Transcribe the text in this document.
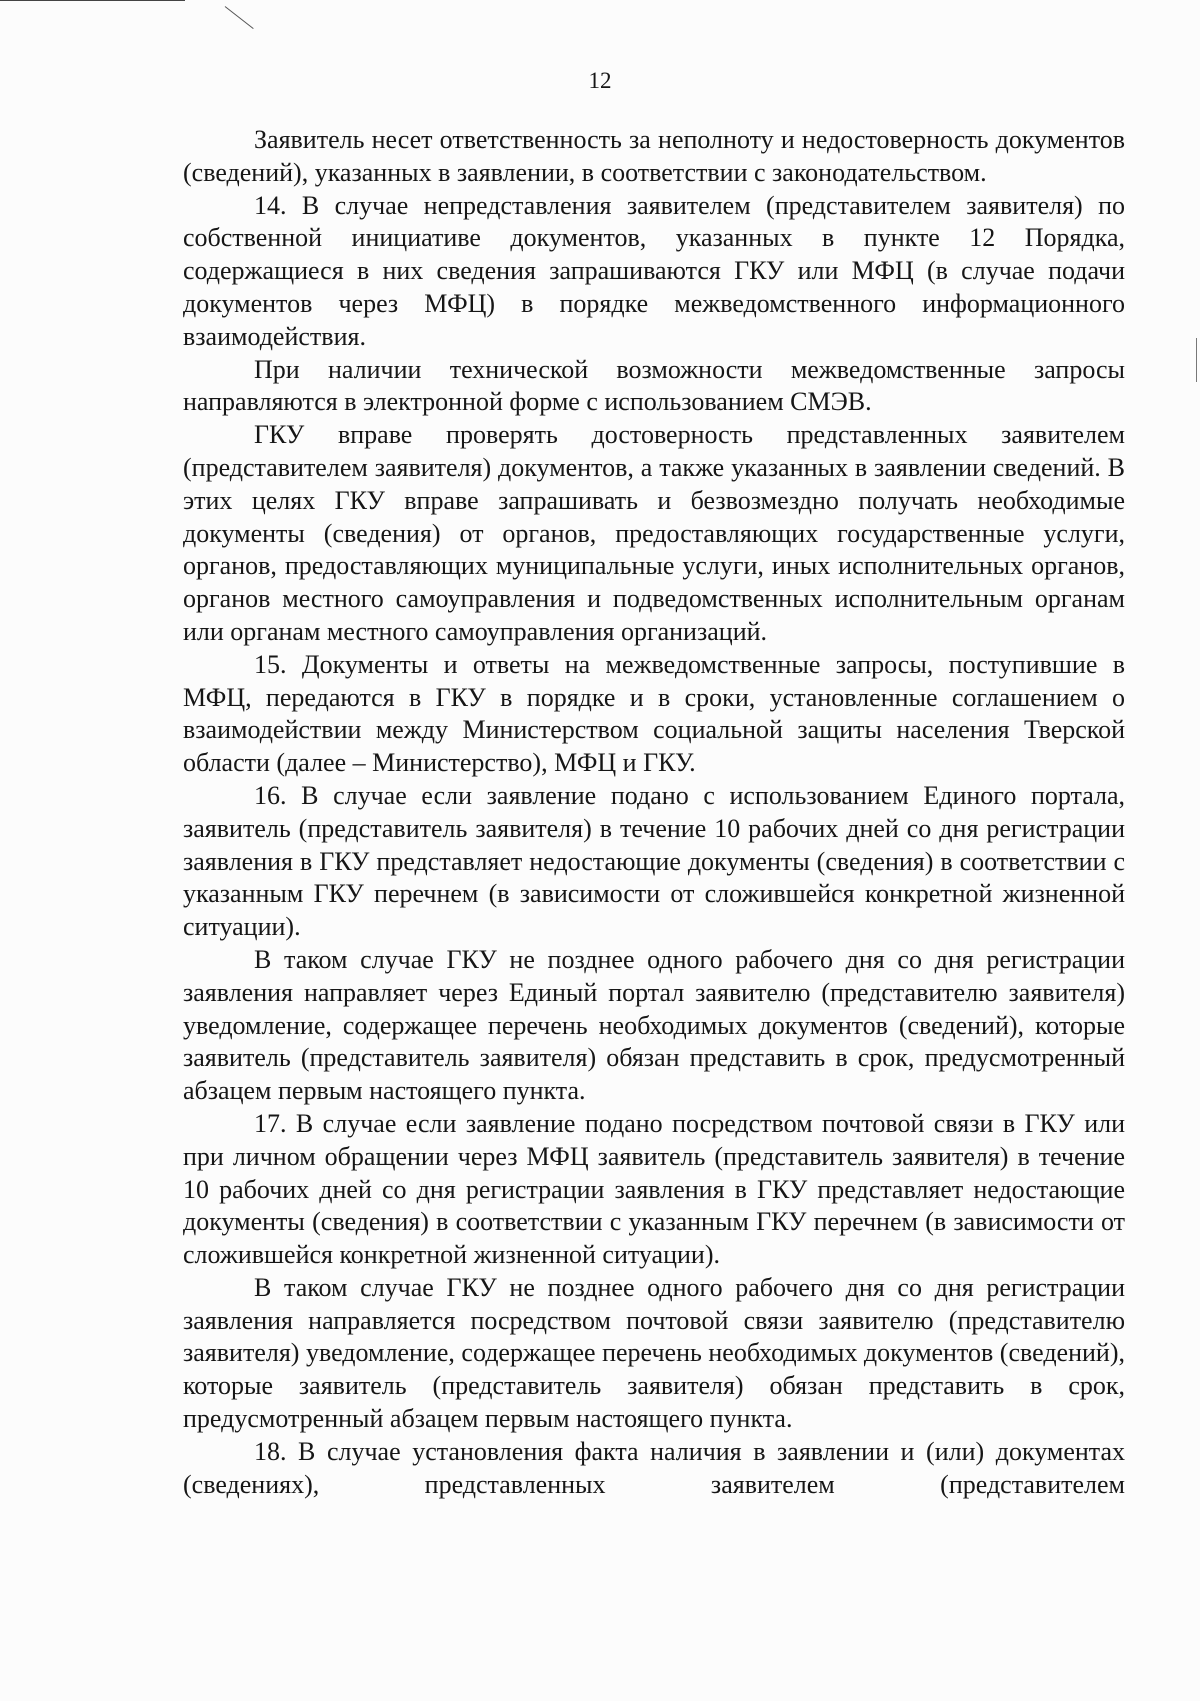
12

Заявитель несет ответственность за неполноту и недостоверность документов (сведений), указанных в заявлении, в соответствии с законодательством.

14. В случае непредставления заявителем (представителем заявителя) по собственной инициативе документов, указанных в пункте 12 Порядка, содержащиеся в них сведения запрашиваются ГКУ или МФЦ (в случае подачи документов через МФЦ) в порядке межведомственного информационного взаимодействия.

При наличии технической возможности межведомственные запросы направляются в электронной форме с использованием СМЭВ.

ГКУ вправе проверять достоверность представленных заявителем (представителем заявителя) документов, а также указанных в заявлении сведений. В этих целях ГКУ вправе запрашивать и безвозмездно получать необходимые документы (сведения) от органов, предоставляющих государственные услуги, органов, предоставляющих муниципальные услуги, иных исполнительных органов, органов местного самоуправления и подведомственных исполнительным органам или органам местного самоуправления организаций.

15. Документы и ответы на межведомственные запросы, поступившие в МФЦ, передаются в ГКУ в порядке и в сроки, установленные соглашением о взаимодействии между Министерством социальной защиты населения Тверской области (далее – Министерство), МФЦ и ГКУ.

16. В случае если заявление подано с использованием Единого портала, заявитель (представитель заявителя) в течение 10 рабочих дней со дня регистрации заявления в ГКУ представляет недостающие документы (сведения) в соответствии с указанным ГКУ перечнем (в зависимости от сложившейся конкретной жизненной ситуации).

В таком случае ГКУ не позднее одного рабочего дня со дня регистрации заявления направляет через Единый портал заявителю (представителю заявителя) уведомление, содержащее перечень необходимых документов (сведений), которые заявитель (представитель заявителя) обязан представить в срок, предусмотренный абзацем первым настоящего пункта.

17. В случае если заявление подано посредством почтовой связи в ГКУ или при личном обращении через МФЦ заявитель (представитель заявителя) в течение 10 рабочих дней со дня регистрации заявления в ГКУ представляет недостающие документы (сведения) в соответствии с указанным ГКУ перечнем (в зависимости от сложившейся конкретной жизненной ситуации).

В таком случае ГКУ не позднее одного рабочего дня со дня регистрации заявления направляется посредством почтовой связи заявителю (представителю заявителя) уведомление, содержащее перечень необходимых документов (сведений), которые заявитель (представитель заявителя) обязан представить в срок, предусмотренный абзацем первым настоящего пункта.

18. В случае установления факта наличия в заявлении и (или) документах (сведениях), представленных заявителем (представителем
